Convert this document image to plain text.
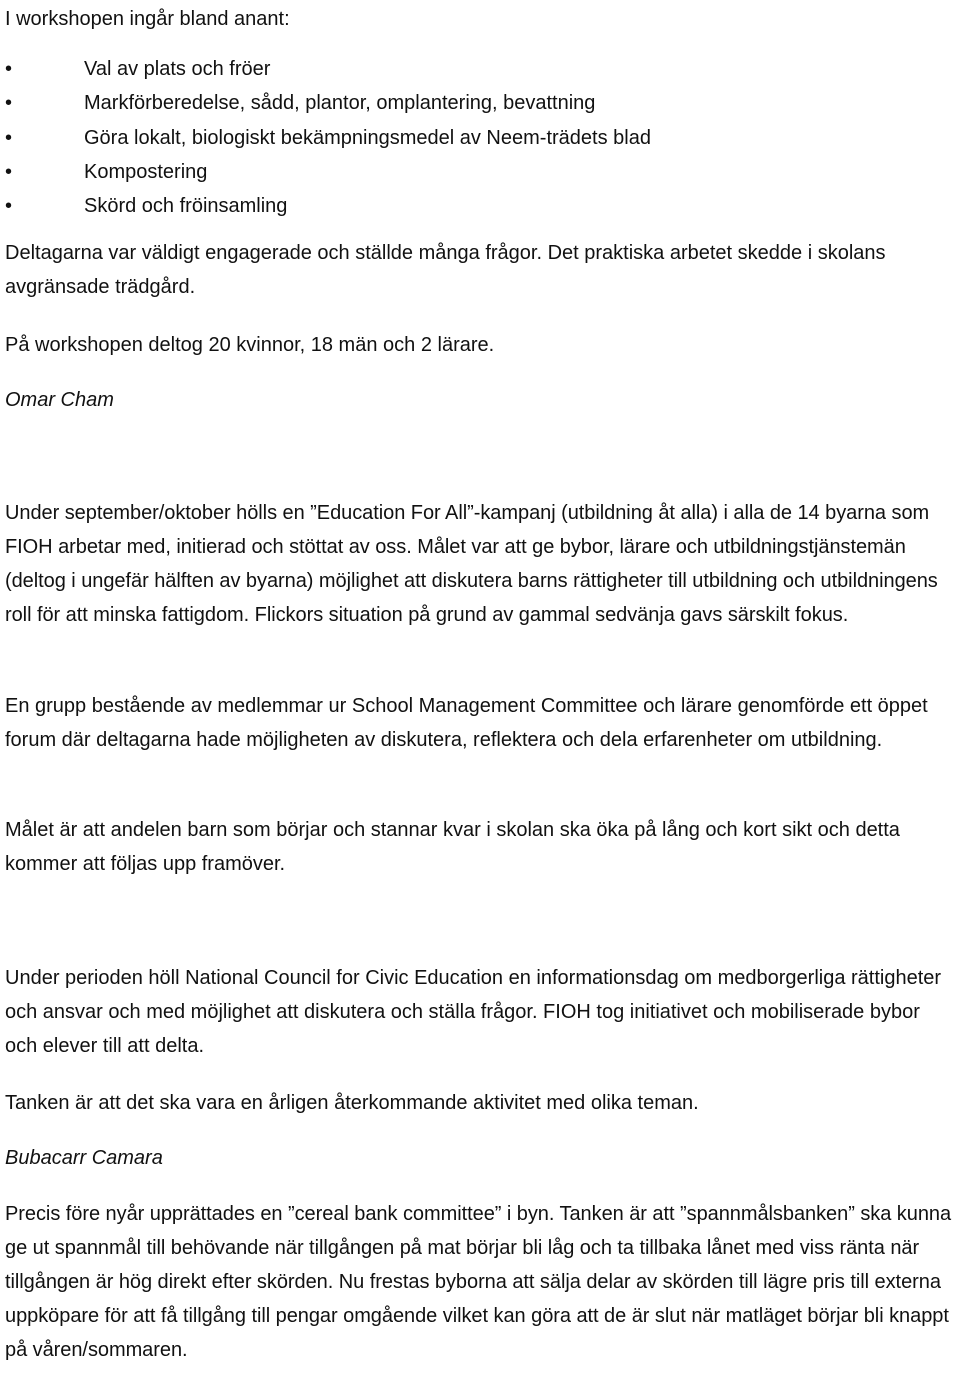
I workshopen ingår bland anant:
•	Val av plats och fröer
•	Markförberedelse, sådd, plantor, omplantering, bevattning
•	Göra lokalt, biologiskt bekämpningsmedel av Neem-trädets blad
•	Kompostering
•	Skörd och fröinsamling

Deltagarna var väldigt engagerade och ställde många frågor. Det praktiska arbetet skedde i skolans avgränsade trädgård.

På workshopen deltog 20 kvinnor, 18 män och 2 lärare.

Omar Cham

Under september/oktober hölls en ”Education For All”-kampanj (utbildning åt alla) i alla de 14 byarna som FIOH arbetar med, initierad och stöttat av oss. Målet var att ge bybor, lärare och utbildningstjänstemän (deltog i ungefär hälften av byarna) möjlighet att diskutera barns rättigheter till utbildning och utbildningens roll för att minska fattigdom. Flickors situation på grund av gammal sedvänja gavs särskilt fokus.

En grupp bestående av medlemmar ur School Management Committee och lärare genomförde ett öppet forum där deltagarna hade möjligheten av diskutera, reflektera och dela erfarenheter om utbildning.

Målet är att andelen barn som börjar och stannar kvar i skolan ska öka på lång och kort sikt och detta kommer att följas upp framöver.

Under perioden höll National Council for Civic Education en informationsdag om medborgerliga rättigheter och ansvar och med möjlighet att diskutera och ställa frågor. FIOH tog initiativet och mobiliserade bybor och elever till att delta.

Tanken är att det ska vara en årligen återkommande aktivitet med olika teman.

Bubacarr Camara

Precis före nyår upprättades en ”cereal bank committee” i byn. Tanken är att ”spannmålsbanken” ska kunna ge ut spannmål till behövande när tillgången på mat börjar bli låg och ta tillbaka lånet med viss ränta när tillgången är hög direkt efter skörden. Nu frestas byborna att sälja delar av skörden till lägre pris till externa uppköpare för att få tillgång till pengar omgående vilket kan göra att de är slut när matläget börjar bli knappt på våren/sommaren.
